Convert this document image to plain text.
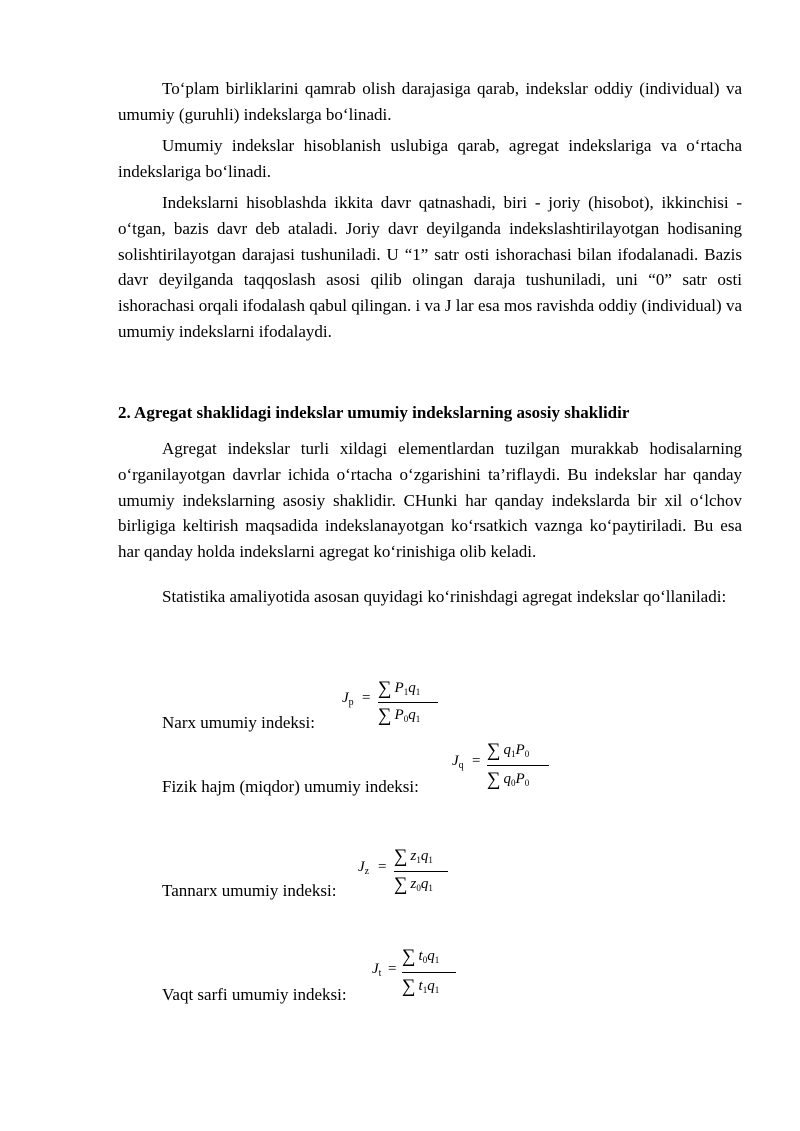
To‘plam birliklarini qamrab olish darajasiga qarab, indekslar oddiy (individual) va umumiy (guruhli) indekslarga bo‘linadi.

Umumiy indekslar hisoblanish uslubiga qarab, agregat indekslariga va o‘rtacha indekslariga bo‘linadi.

Indekslarni hisoblashda ikkita davr qatnashadi, biri - joriy (hisobot), ikkinchisi - o‘tgan, bazis davr deb ataladi. Joriy davr deyilganda indekslashtirilayotgan hodisaning solishtirilayotgan darajasi tushuniladi. U “1” satr osti ishorachasi bilan ifodalanadi. Bazis davr deyilganda taqqoslash asosi qilib olingan daraja tushuniladi, uni “0” satr osti ishorachasi orqali ifodalash qabul qilingan. i va J lar esa mos ravishda oddiy (individual) va umumiy indekslarni ifodalaydi.

2. Agregat shaklidagi indekslar umumiy indekslarning asosiy shaklidir

Agregat indekslar turli xildagi elementlardan tuzilgan murakkab hodisalarning o‘rganilayotgan davrlar ichida o‘rtacha o‘zgarishini ta’riflaydi. Bu indekslar har qanday umumiy indekslarning asosiy shaklidir. CHunki har qanday indekslarda bir xil o‘lchov birligiga keltirish maqsadida indekslanayotgan ko‘rsatkich vaznga ko‘paytiriladi. Bu esa har qanday holda indekslarni agregat ko‘rinishiga olib keladi.

Statistika amaliyotida asosan quyidagi ko‘rinishdagi agregat indekslar qo‘llaniladi:

Narx umumiy indeksi:
$J_p$ = ∑ $P_1q_1$
∑ $P_0q_1$
Fizik hajm (miqdor) umumiy indeksi:
$J_q$ = ∑ $q_1P_0$
∑ $q_0P_0$
Tannarx umumiy indeksi:
$J_z$ = ∑ $z_1q_1$
∑ $z_0q_1$
Vaqt sarfi umumiy indeksi:
$J_t$ =
∑ $t_0q_1$
∑ $t_1q_1$
